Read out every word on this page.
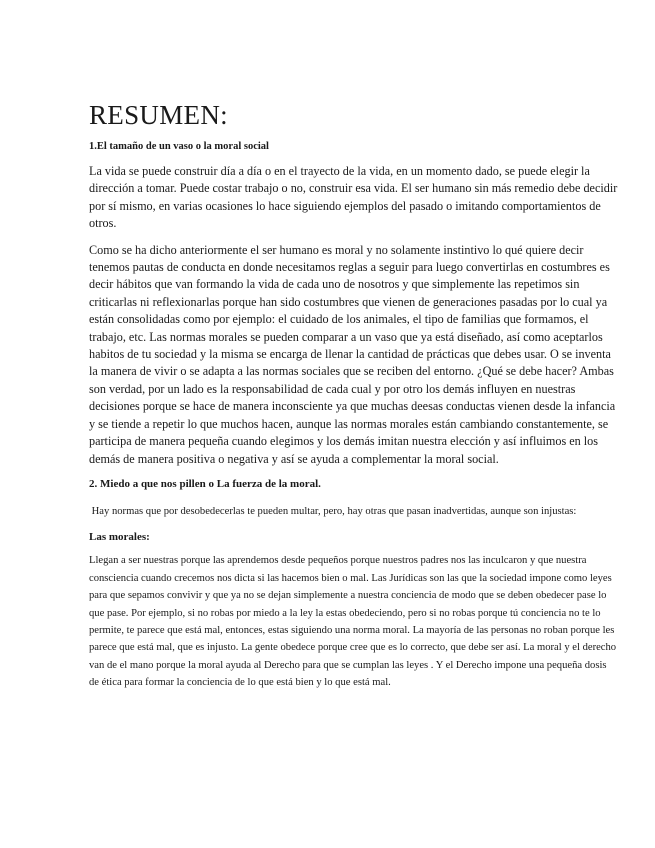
RESUMEN:
1.El tamaño de un vaso o la moral social

La vida se puede construir día a día o en el trayecto de la vida, en un momento dado, se puede elegir la dirección a tomar. Puede costar trabajo o no, construir esa vida. El ser humano sin más remedio debe decidir por sí mismo, en varias ocasiones lo hace siguiendo ejemplos del pasado o imitando comportamientos de otros.

Como se ha dicho anteriormente el ser humano es moral y no solamente instintivo lo qué quiere decir tenemos pautas de conducta en donde necesitamos reglas a seguir para luego convertirlas en costumbres es decir hábitos que van formando la vida de cada uno de nosotros y que simplemente las repetimos sin criticarlas ni reflexionarlas porque han sido costumbres que vienen de generaciones pasadas por lo cual ya están consolidadas como por ejemplo: el cuidado de los animales, el tipo de familias que formamos, el trabajo, etc. Las normas morales se pueden comparar a un vaso que ya está diseñado, así como aceptarlos habitos de tu sociedad y la misma se encarga de llenar la cantidad de prácticas que debes usar. O se inventa la manera de vivir o se adapta a las normas sociales que se reciben del entorno. ¿Qué se debe hacer? Ambas son verdad, por un lado es la responsabilidad de cada cual y por otro los demás influyen en nuestras decisiones porque se hace de manera inconsciente ya que muchas deesas conductas vienen desde la infancia y se tiende a repetir lo que muchos hacen, aunque las normas morales están cambiando constantemente, se participa de manera pequeña cuando elegimos y los demás imitan nuestra elección y así influimos en los demás de manera positiva o negativa y así se ayuda a complementar la moral social.

2. Miedo a que nos pillen o La fuerza de la moral.

Hay normas que por desobedecerlas te pueden multar, pero, hay otras que pasan inadvertidas, aunque son injustas:

Las morales:

Llegan a ser nuestras porque las aprendemos desde pequeños porque nuestros padres nos las inculcaron y que nuestra consciencia cuando crecemos nos dicta si las hacemos bien o mal. Las Jurídicas son las que la sociedad impone como leyes para que sepamos convivir y que ya no se dejan simplemente a nuestra conciencia de modo que se deben obedecer pase lo que pase. Por ejemplo, si no robas por miedo a la ley la estas obedeciendo, pero si no robas porque tú conciencia no te lo permite, te parece que está mal, entonces, estas siguiendo una norma moral. La mayoría de las personas no roban porque les parece que está mal, que es injusto. La gente obedece porque cree que es lo correcto, que debe ser así. La moral y el derecho van de el mano porque la moral ayuda al Derecho para que se cumplan las leyes . Y el Derecho impone una pequeña dosis de ética para formar la conciencia de lo que está bien y lo que está mal.
